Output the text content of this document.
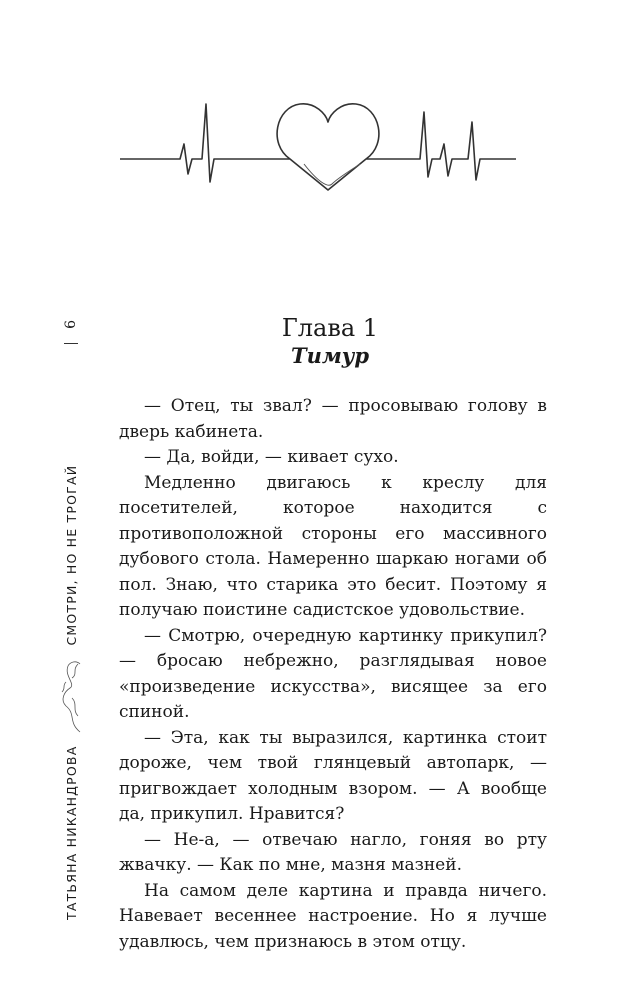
ТАТЬЯНА НИКАНДРОВА
СМОТРИ, НО НЕ ТРОГАЙ
6	Глава 1
Тимур

— Отец, ты звал? — просовываю голову в дверь кабинета.

— Да, войди, — кивает сухо.

Медленно двигаюсь к креслу для посетителей, которое находится с противоположной стороны его массивного дубового стола. Намеренно шаркаю ногами об пол. Знаю, что старика это бесит. Поэтому я получаю поистине садистское удовольствие.

— Смотрю, очередную картинку прикупил? — бросаю небрежно, разглядывая новое «произведение искусства», висящее за его спиной.

— Эта, как ты выразился, картинка стоит дороже, чем твой глянцевый автопарк, — пригвождает холодным взором. — А вообще да, прикупил. Нравится?

— Не-а, — отвечаю нагло, гоняя во рту жвачку. — Как по мне, мазня мазней.

На самом деле картина и правда ничего. Навевает весеннее настроение. Но я лучше удавлюсь, чем признаюсь в этом отцу.
